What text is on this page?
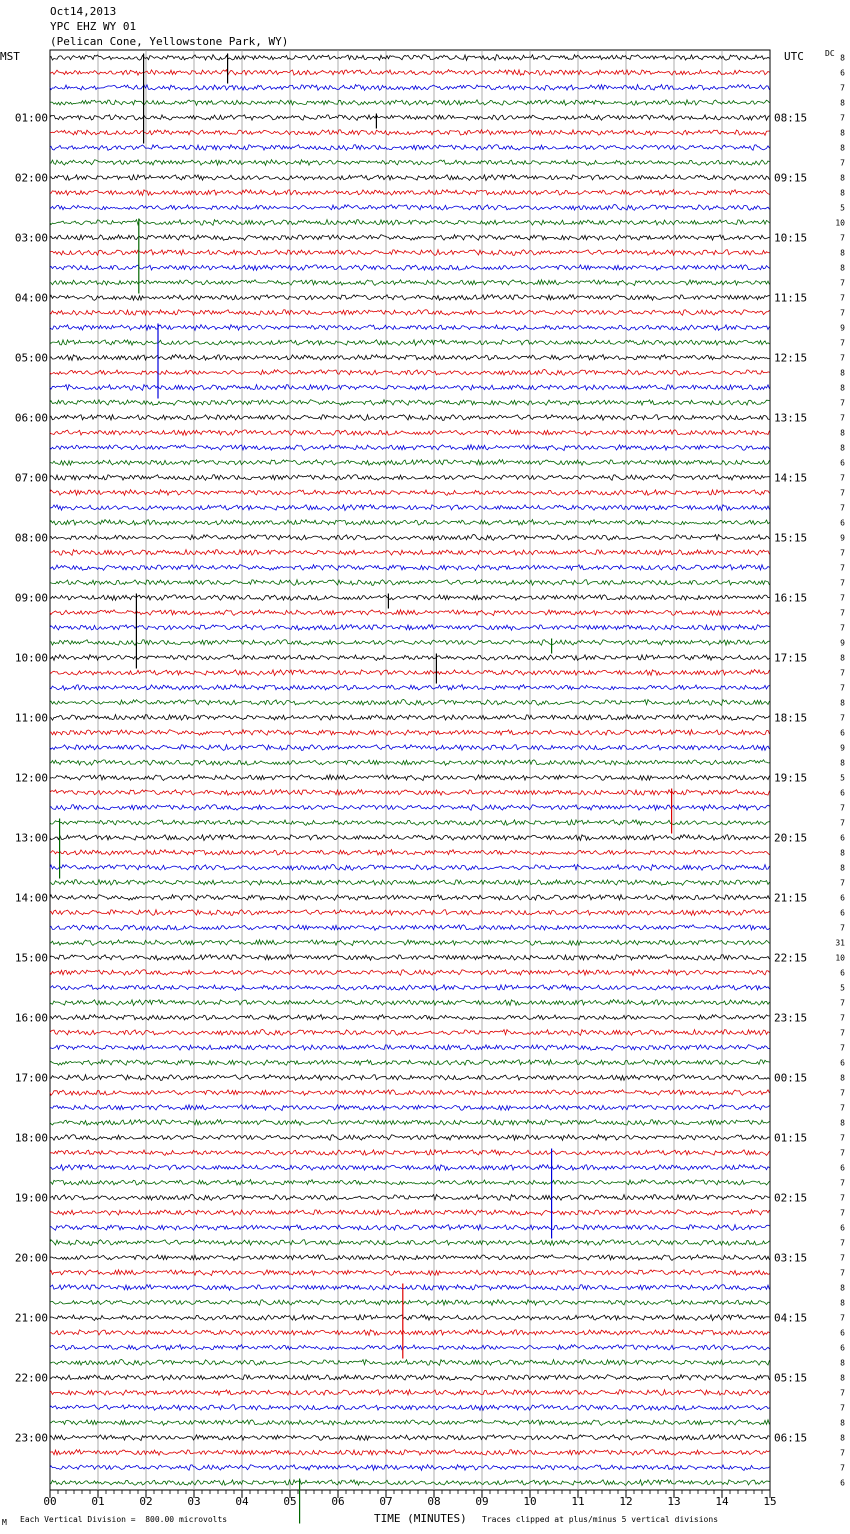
01:00	08:15
02:00	09:15
03:00	10:15
04:00	11:15
05:00	12:15
06:00	13:15
07:00	14:15
08:00	15:15
09:00	16:15
10:00	17:15
11:00	18:15
12:00	19:15
13:00	20:15
14:00	21:15
15:00	22:15
16:00	23:15
17:00	00:15
18:00	01:15
19:00	02:15
20:00	03:15
21:00	04:15
22:00	05:15
23:00	06:15
8
6
7
8
7
8
8
7
8
8
5
10
7
8
8
7
7
7
9
7
7
8
8
7
7
8
8
6
7
7
7
6
9
7
7
7
7
7
7
9
8
7
7
8
7
6
9
8
5
6
7
7
6
8
8
7
6
6
7
31
10
6
5
7
7
7
7
6
8
7
7
8
7
7
6
7
7
7
6
7
7
7
8
8
7
6
6
8
8
7
7
8
8
7
7
6
00	01	02	03	04	05	06	07	08	09	10	11	12	13	14	15
Oct14,2013
YPC EHZ WY 01
(Pelican Cone, Yellowstone Park, WY)
MST	UTC	DC
M Each Vertical Division =  800.00 microvolts	TIME (MINUTES) Traces clipped at plus/minus 5 vertical divisions
